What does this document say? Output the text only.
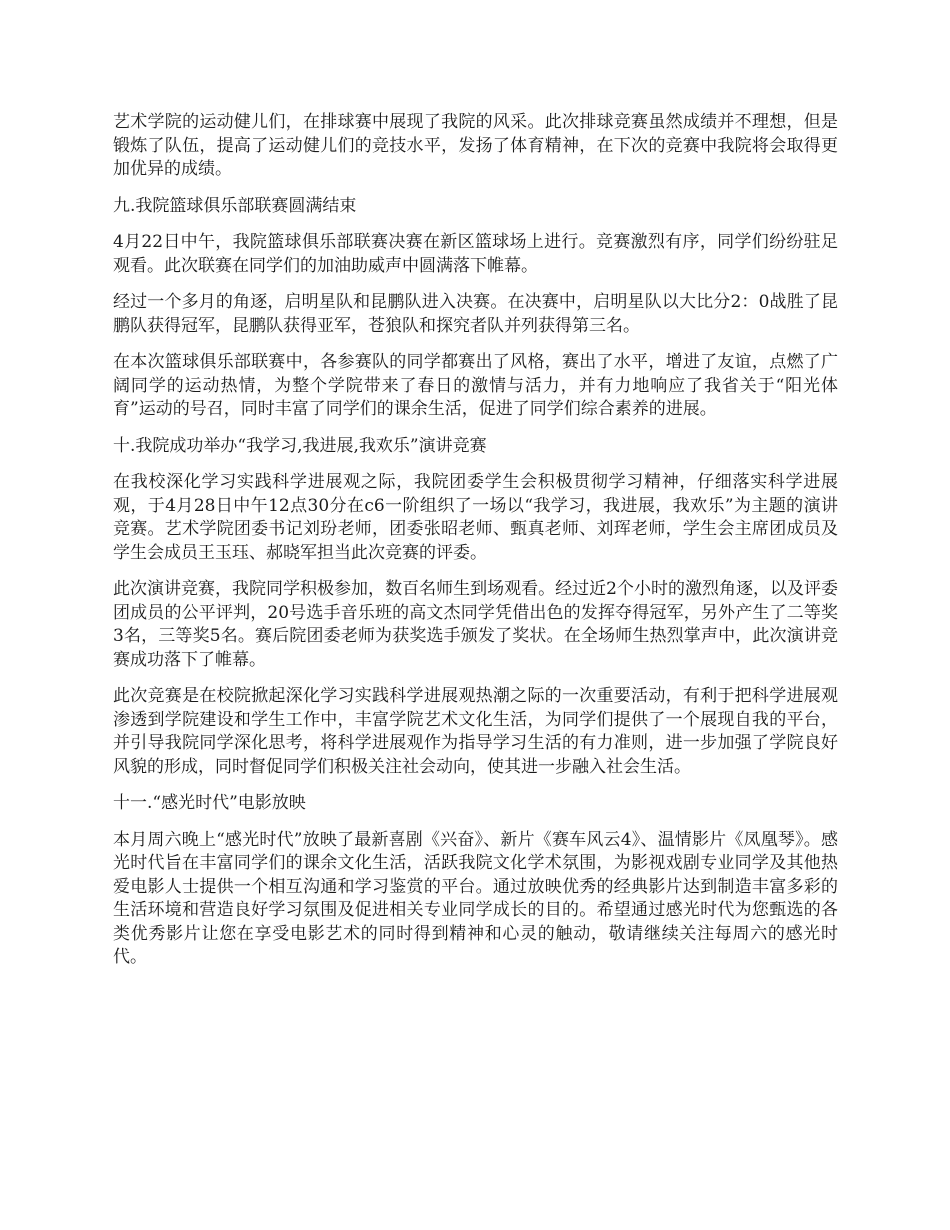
艺术学院的运动健儿们，在排球赛中展现了我院的风采。此次排球竞赛虽然成绩并不理想，但是锻炼了队伍，提高了运动健儿们的竞技水平，发扬了体育精神，在下次的竞赛中我院将会取得更加优异的成绩。

九.我院篮球俱乐部联赛圆满结束

4月22日中午，我院篮球俱乐部联赛决赛在新区篮球场上进行。竞赛激烈有序，同学们纷纷驻足观看。此次联赛在同学们的加油助威声中圆满落下帷幕。

经过一个多月的角逐，启明星队和昆鹏队进入决赛。在决赛中，启明星队以大比分2：0战胜了昆鹏队获得冠军，昆鹏队获得亚军，苍狼队和探究者队并列获得第三名。

在本次篮球俱乐部联赛中，各参赛队的同学都赛出了风格，赛出了水平，增进了友谊，点燃了广阔同学的运动热情，为整个学院带来了春日的激情与活力，并有力地响应了我省关于“阳光体育”运动的号召，同时丰富了同学们的课余生活，促进了同学们综合素养的进展。

十.我院成功举办“我学习,我进展,我欢乐”演讲竞赛

在我校深化学习实践科学进展观之际，我院团委学生会积极贯彻学习精神，仔细落实科学进展观，于4月28日中午12点30分在c6一阶组织了一场以“我学习，我进展，我欢乐”为主题的演讲竞赛。艺术学院团委书记刘玢老师，团委张昭老师、甄真老师、刘珲老师，学生会主席团成员及学生会成员王玉珏、郝晓军担当此次竞赛的评委。

此次演讲竞赛，我院同学积极参加，数百名师生到场观看。经过近2个小时的激烈角逐，以及评委团成员的公平评判，20号选手音乐班的高文杰同学凭借出色的发挥夺得冠军，另外产生了二等奖3名，三等奖5名。赛后院团委老师为获奖选手颁发了奖状。在全场师生热烈掌声中，此次演讲竞赛成功落下了帷幕。

此次竞赛是在校院掀起深化学习实践科学进展观热潮之际的一次重要活动，有利于把科学进展观渗透到学院建设和学生工作中，丰富学院艺术文化生活，为同学们提供了一个展现自我的平台，并引导我院同学深化思考，将科学进展观作为指导学习生活的有力准则，进一步加强了学院良好风貌的形成，同时督促同学们积极关注社会动向，使其进一步融入社会生活。

十一.“感光时代”电影放映

本月周六晚上“感光时代”放映了最新喜剧《兴奋》、新片《赛车风云4》、温情影片《凤凰琴》。感光时代旨在丰富同学们的课余文化生活，活跃我院文化学术氛围，为影视戏剧专业同学及其他热爱电影人士提供一个相互沟通和学习鉴赏的平台。通过放映优秀的经典影片达到制造丰富多彩的生活环境和营造良好学习氛围及促进相关专业同学成长的目的。希望通过感光时代为您甄选的各类优秀影片让您在享受电影艺术的同时得到精神和心灵的触动，敬请继续关注每周六的感光时代。
